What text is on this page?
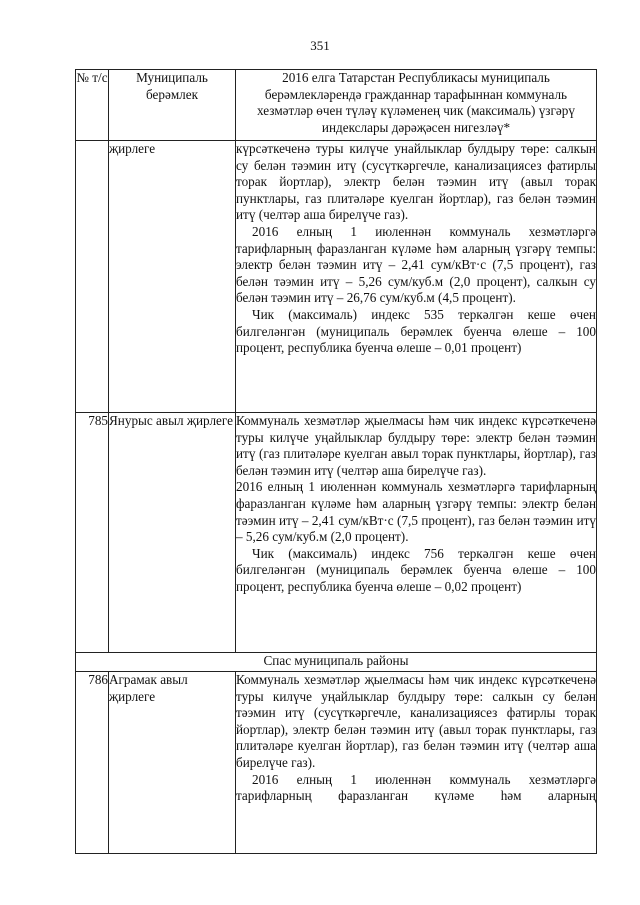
351
№ т/с	Муниципаль берәмлек	2016 елга Татарстан Республикасы муниципаль берәмлекләрендә гражданнар тарафыннан коммуналь хезмәтләр өчен түләү күләменең чик (максималь) үзгәрү индекслары дәрәҗәсен нигезләү*
	җирлеге	күрсәткеченә туры килүче унайлыклар булдыру төре: салкын су белән тәэмин итү (сусүткәргечле, канализациясез фатирлы торак йортлар), электр белән тәэмин итү (авыл торак пунктлары, газ плитәләре куелган йортлар), газ белән тәэмин итү (челтәр аша бирелүче газ).
2016 елның 1 июленнән коммуналь хезмәтләргә тарифларның фаразланган күләме һәм аларның үзгәрү темпы: электр белән тәэмин итү – 2,41 сум/кВт·с (7,5 процент), газ белән тәэмин итү – 5,26 сум/куб.м (2,0 процент), салкын су белән тәэмин итү – 26,76 сум/куб.м (4,5 процент).
Чик (максималь) индекс 535 теркәлгән кеше өчен билгеләнгән (муниципаль берәмлек буенча өлеше – 100 процент, республика буенча өлеше – 0,01 процент)

785	Янурыс авыл җирлеге	Коммуналь хезмәтләр җыелмасы һәм чик индекс күрсәткеченә туры килүче уңайлыклар булдыру төре: электр белән тәэмин итү (газ плитәләре куелган авыл торак пунктлары, йортлар), газ белән тәэмин итү (челтәр аша бирелүче газ).
2016 елның 1 июленнән коммуналь хезмәтләргә тарифларның фаразланган күләме һәм аларның үзгәрү темпы: электр белән тәэмин итү – 2,41 сум/кВт·с (7,5 процент), газ белән тәэмин итү – 5,26 сум/куб.м (2,0 процент).
Чик (максималь) индекс 756 теркәлгән кеше өчен билгеләнгән (муниципаль берәмлек буенча өлеше – 100 процент, республика буенча өлеше – 0,02 процент)

Спас муниципаль районы		
786	Аграмак авыл җирлеге	Коммуналь хезмәтләр җыелмасы һәм чик индекс күрсәткеченә туры килүче уңайлыклар булдыру төре: салкын су белән тәэмин итү (сусүткәргечле, канализациясез фатирлы торак йортлар), электр белән тәэмин итү (авыл торак пунктлары, газ плитәләре куелган йортлар), газ белән тәэмин итү (челтәр аша бирелүче газ).
2016 елның 1 июленнән коммуналь хезмәтләргә тарифларның фаразланган күләме һәм аларның
